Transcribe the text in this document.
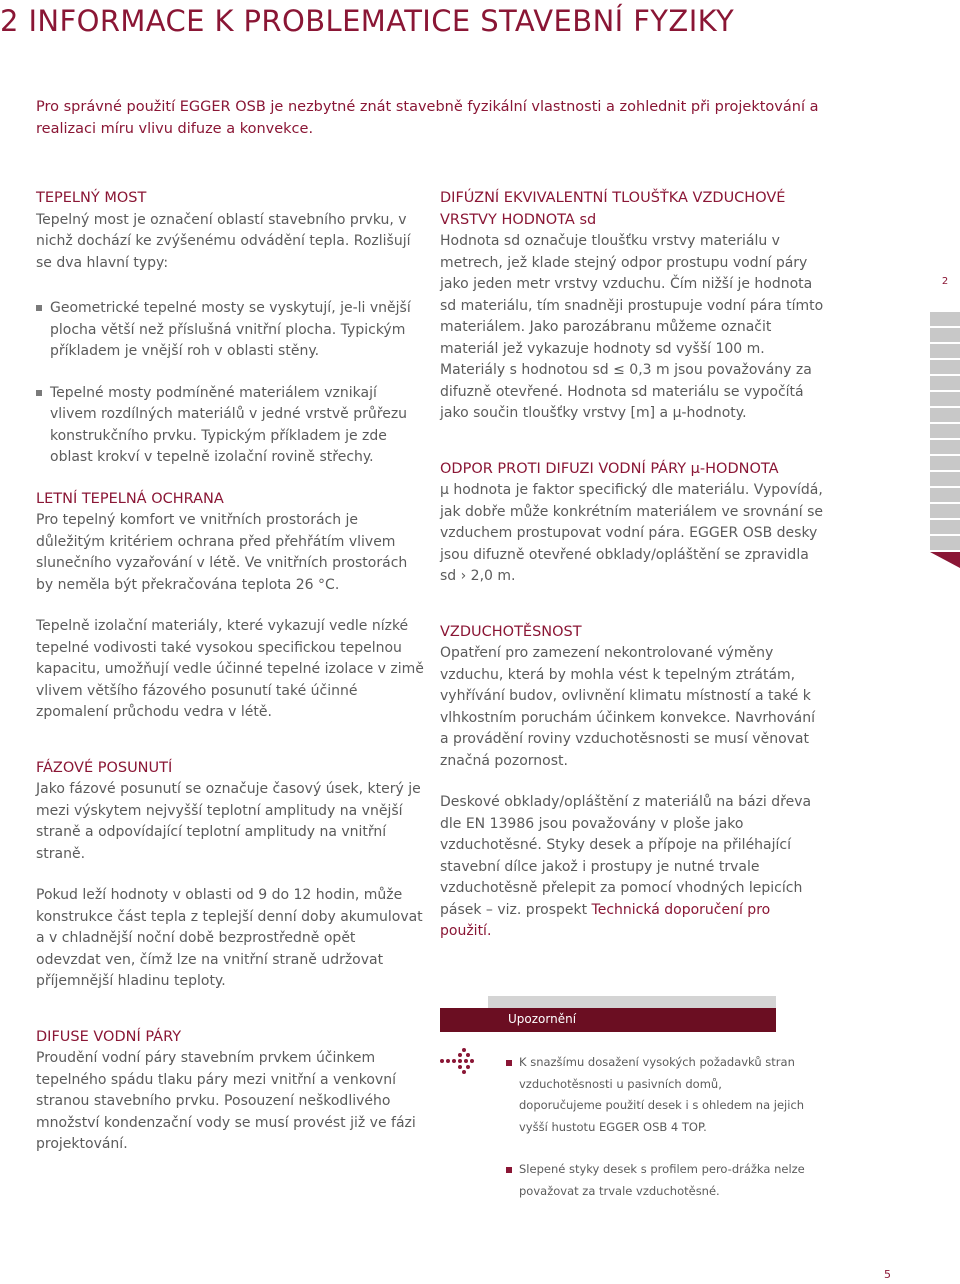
2 INFORMACE K PROBLEMATICE STAVEBNÍ FYZIKY

Pro správné použití EGGER OSB je nezbytné znát stavebně fyzikální vlastnosti a zohlednit při projektování a realizaci míru vlivu difuze a konvekce.

TEPELNÝ MOST
Tepelný most je označení oblastí stavebního prvku, v nichž dochází ke zvýšenému odvádění tepla. Rozlišují se dva hlavní typy:
Geometrické tepelné mosty se vyskytují, je-li vnější plocha větší než příslušná vnitřní plocha. Typickým příkladem je vnější roh v oblasti stěny.
Tepelné mosty podmíněné materiálem vznikají vlivem rozdílných materiálů v jedné vrstvě průřezu konstrukčního prvku. Typickým příkladem je zde oblast krokví v tepelně izolační rovině střechy.
LETNÍ TEPELNÁ OCHRANA
Pro tepelný komfort ve vnitřních prostorách je důležitým kritériem ochrana před přehřátím vlivem slunečního vyzařování v létě. Ve vnitřních prostorách by neměla být překračována teplota 26 °C.
Tepelně izolační materiály, které vykazují vedle nízké tepelné vodivosti také vysokou specifickou tepelnou kapacitu, umožňují vedle účinné tepelné izolace v zimě vlivem většího fázového posunutí také účinné zpomalení průchodu vedra v létě.
FÁZOVÉ POSUNUTÍ
Jako fázové posunutí se označuje časový úsek, který je mezi výskytem nejvyšší teplotní amplitudy na vnější straně a odpovídající teplotní amplitudy na vnitřní straně.
Pokud leží hodnoty v oblasti od 9 do 12 hodin, může konstrukce část tepla z teplejší denní doby akumulovat a v chladnější noční době bezprostředně opět odevzdat ven, čímž lze na vnitřní straně udržovat příjemnější hladinu teploty.
DIFUSE VODNÍ PÁRY
Proudění vodní páry stavebním prvkem účinkem tepelného spádu tlaku páry mezi vnitřní a venkovní stranou stavebního prvku. Posouzení neškodlivého množství kondenzační vody se musí provést již ve fázi projektování.
DIFÚZNÍ EKVIVALENTNÍ TLOUŠŤKA VZDUCHOVÉ VRSTVY HODNOTA sd
Hodnota sd označuje tloušťku vrstvy materiálu v metrech, jež klade stejný odpor prostupu vodní páry jako jeden metr vrstvy vzduchu. Čím nižší je hodnota sd materiálu, tím snadněji prostupuje vodní pára tímto materiálem. Jako parozábranu můžeme označit materiál jež vykazuje hodnoty sd vyšší 100 m. Materiály s hodnotou sd ≤ 0,3 m jsou považovány za difuzně otevřené. Hodnota sd materiálu se vypočítá jako součin tloušťky vrstvy [m] a µ-hodnoty.
ODPOR PROTI DIFUZI VODNÍ PÁRY µ-HODNOTA
µ hodnota je faktor specifický dle materiálu. Vypovídá, jak dobře může konkrétním materiálem ve srovnání se vzduchem prostupovat vodní pára. EGGER OSB desky jsou difuzně otevřené obklady/opláštění se zpravidla sd › 2,0 m.
VZDUCHOTĚSNOST
Opatření pro zamezení nekontrolované výměny vzduchu, která by mohla vést k tepelným ztrátám, vyhřívání budov, ovlivnění klimatu místností a také k vlhkostním poruchám účinkem konvekce. Navrhování a provádění roviny vzduchotěsnosti se musí věnovat značná pozornost.
Deskové obklady/opláštění z materiálů na bázi dřeva dle EN 13986 jsou považovány v ploše jako vzduchotěsné. Styky desek a přípoje na přiléhající stavební dílce jakož i prostupy je nutné trvale vzduchotěsně přelepit za pomocí vhodných lepicích pásek – viz. prospekt Technická doporučení pro použití.
2
Upozornění
K snazšímu dosažení vysokých požadavků stran vzduchotěsnosti u pasivních domů, doporučujeme použití desek i s ohledem na jejich vyšší hustotu EGGER OSB 4 TOP.
Slepené styky desek s profilem pero-drážka nelze považovat za trvale vzduchotěsné.
5
